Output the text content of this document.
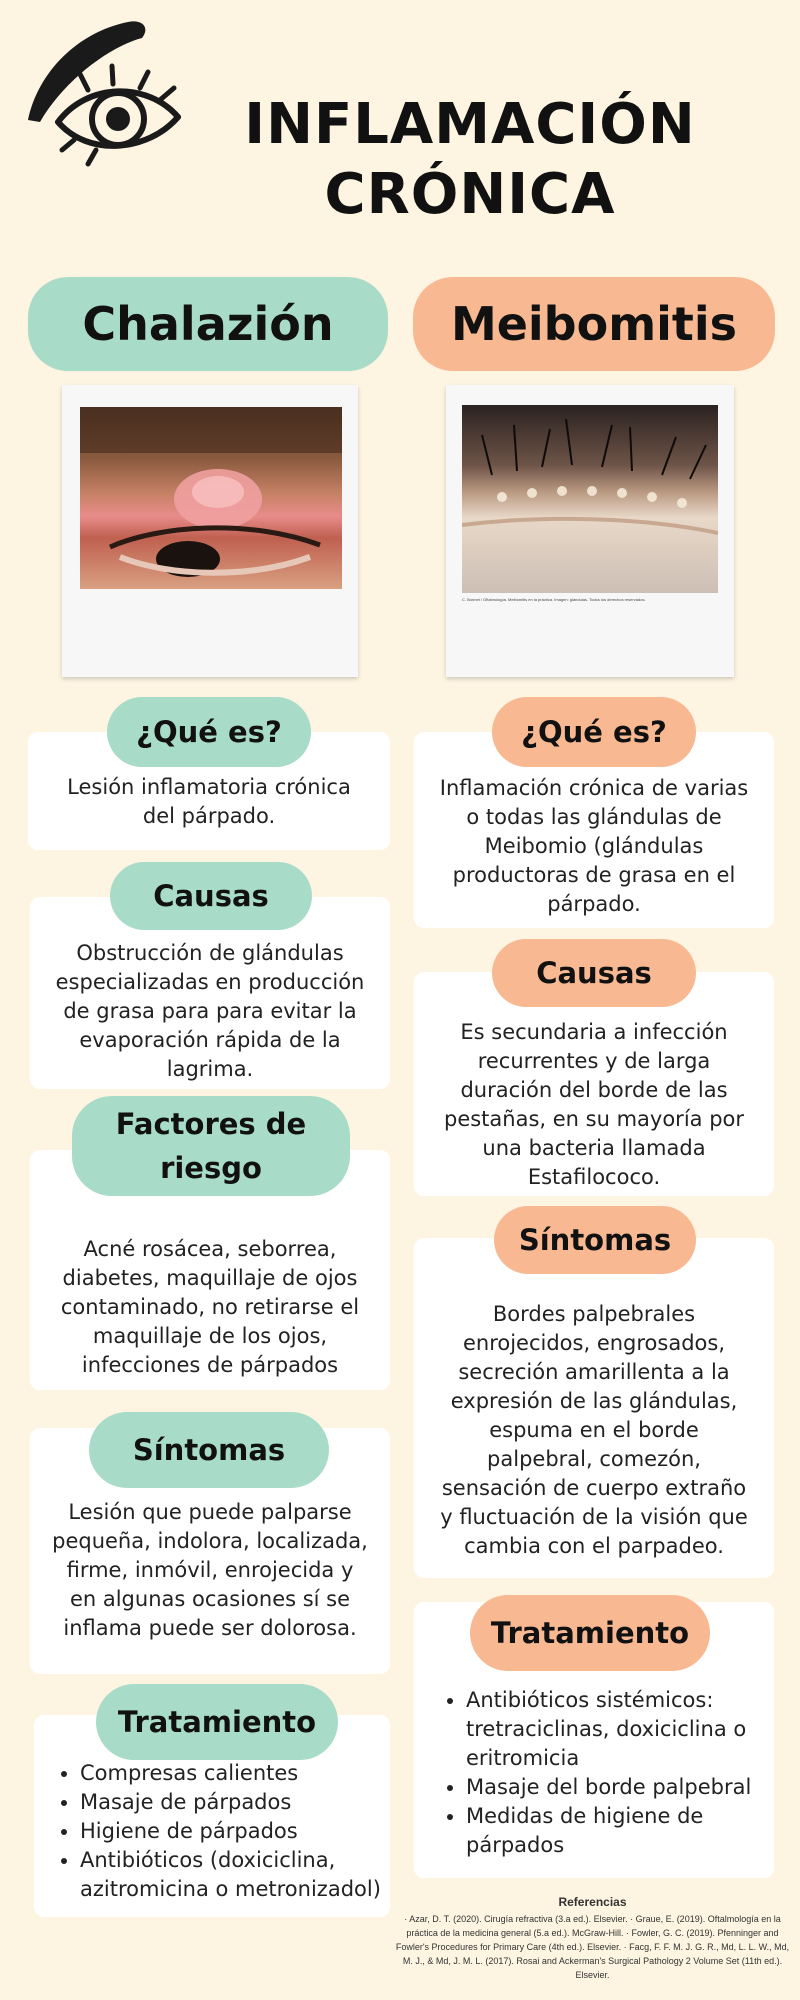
INFLAMACIÓN
CRÓNICA
Chalazión	Meibomitis
C. Bonnet / Oftalmología. Meibomitis en la práctica. Imagen: glándulas. Todos los derechos reservados.

Lesión inflamatoria crónica del párpado.

¿Qué es?

Obstrucción de glándulas especializadas en producción de grasa para para evitar la evaporación rápida de la lagrima.

Causas

Acné rosácea, seborrea, diabetes, maquillaje de ojos contaminado, no retirarse el maquillaje de los ojos, infecciones de párpados

Factores de riesgo

Lesión que puede palparse pequeña, indolora, localizada, firme, inmóvil, enrojecida y en algunas ocasiones sí se inflama puede ser dolorosa.

Síntomas
• Compresas calientes
• Masaje de párpados
• Higiene de párpados
• Antibióticos (doxiciclina, azitromicina o metronizadol)
Tratamiento

Inflamación crónica de varias o todas las glándulas de Meibomio (glándulas productoras de grasa en el párpado.

¿Qué es?

Es secundaria a infección recurrentes y de larga duración del borde de las pestañas, en su mayoría por una bacteria llamada Estafilococo.

Causas

Bordes palpebrales enrojecidos, engrosados, secreción amarillenta a la expresión de las glándulas, espuma en el borde palpebral, comezón, sensación de cuerpo extraño y fluctuación de la visión que cambia con el parpadeo.

Síntomas
• Antibióticos sistémicos: tretraciclinas, doxiciclina o eritromicia
• Masaje del borde palpebral
• Medidas de higiene de párpados
Tratamiento
Referencias
· Azar, D. T. (2020). Cirugía refractiva (3.a ed.). Elsevier. · Graue, E. (2019). Oftalmología en la práctica de la medicina general (5.a ed.). McGraw-Hill. · Fowler, G. C. (2019). Pfenninger and Fowler's Procedures for Primary Care (4th ed.). Elsevier. · Facg, F. F. M. J. G. R., Md, L. L. W., Md, M. J., & Md, J. M. L. (2017). Rosai and Ackerman's Surgical Pathology 2 Volume Set (11th ed.). Elsevier.
